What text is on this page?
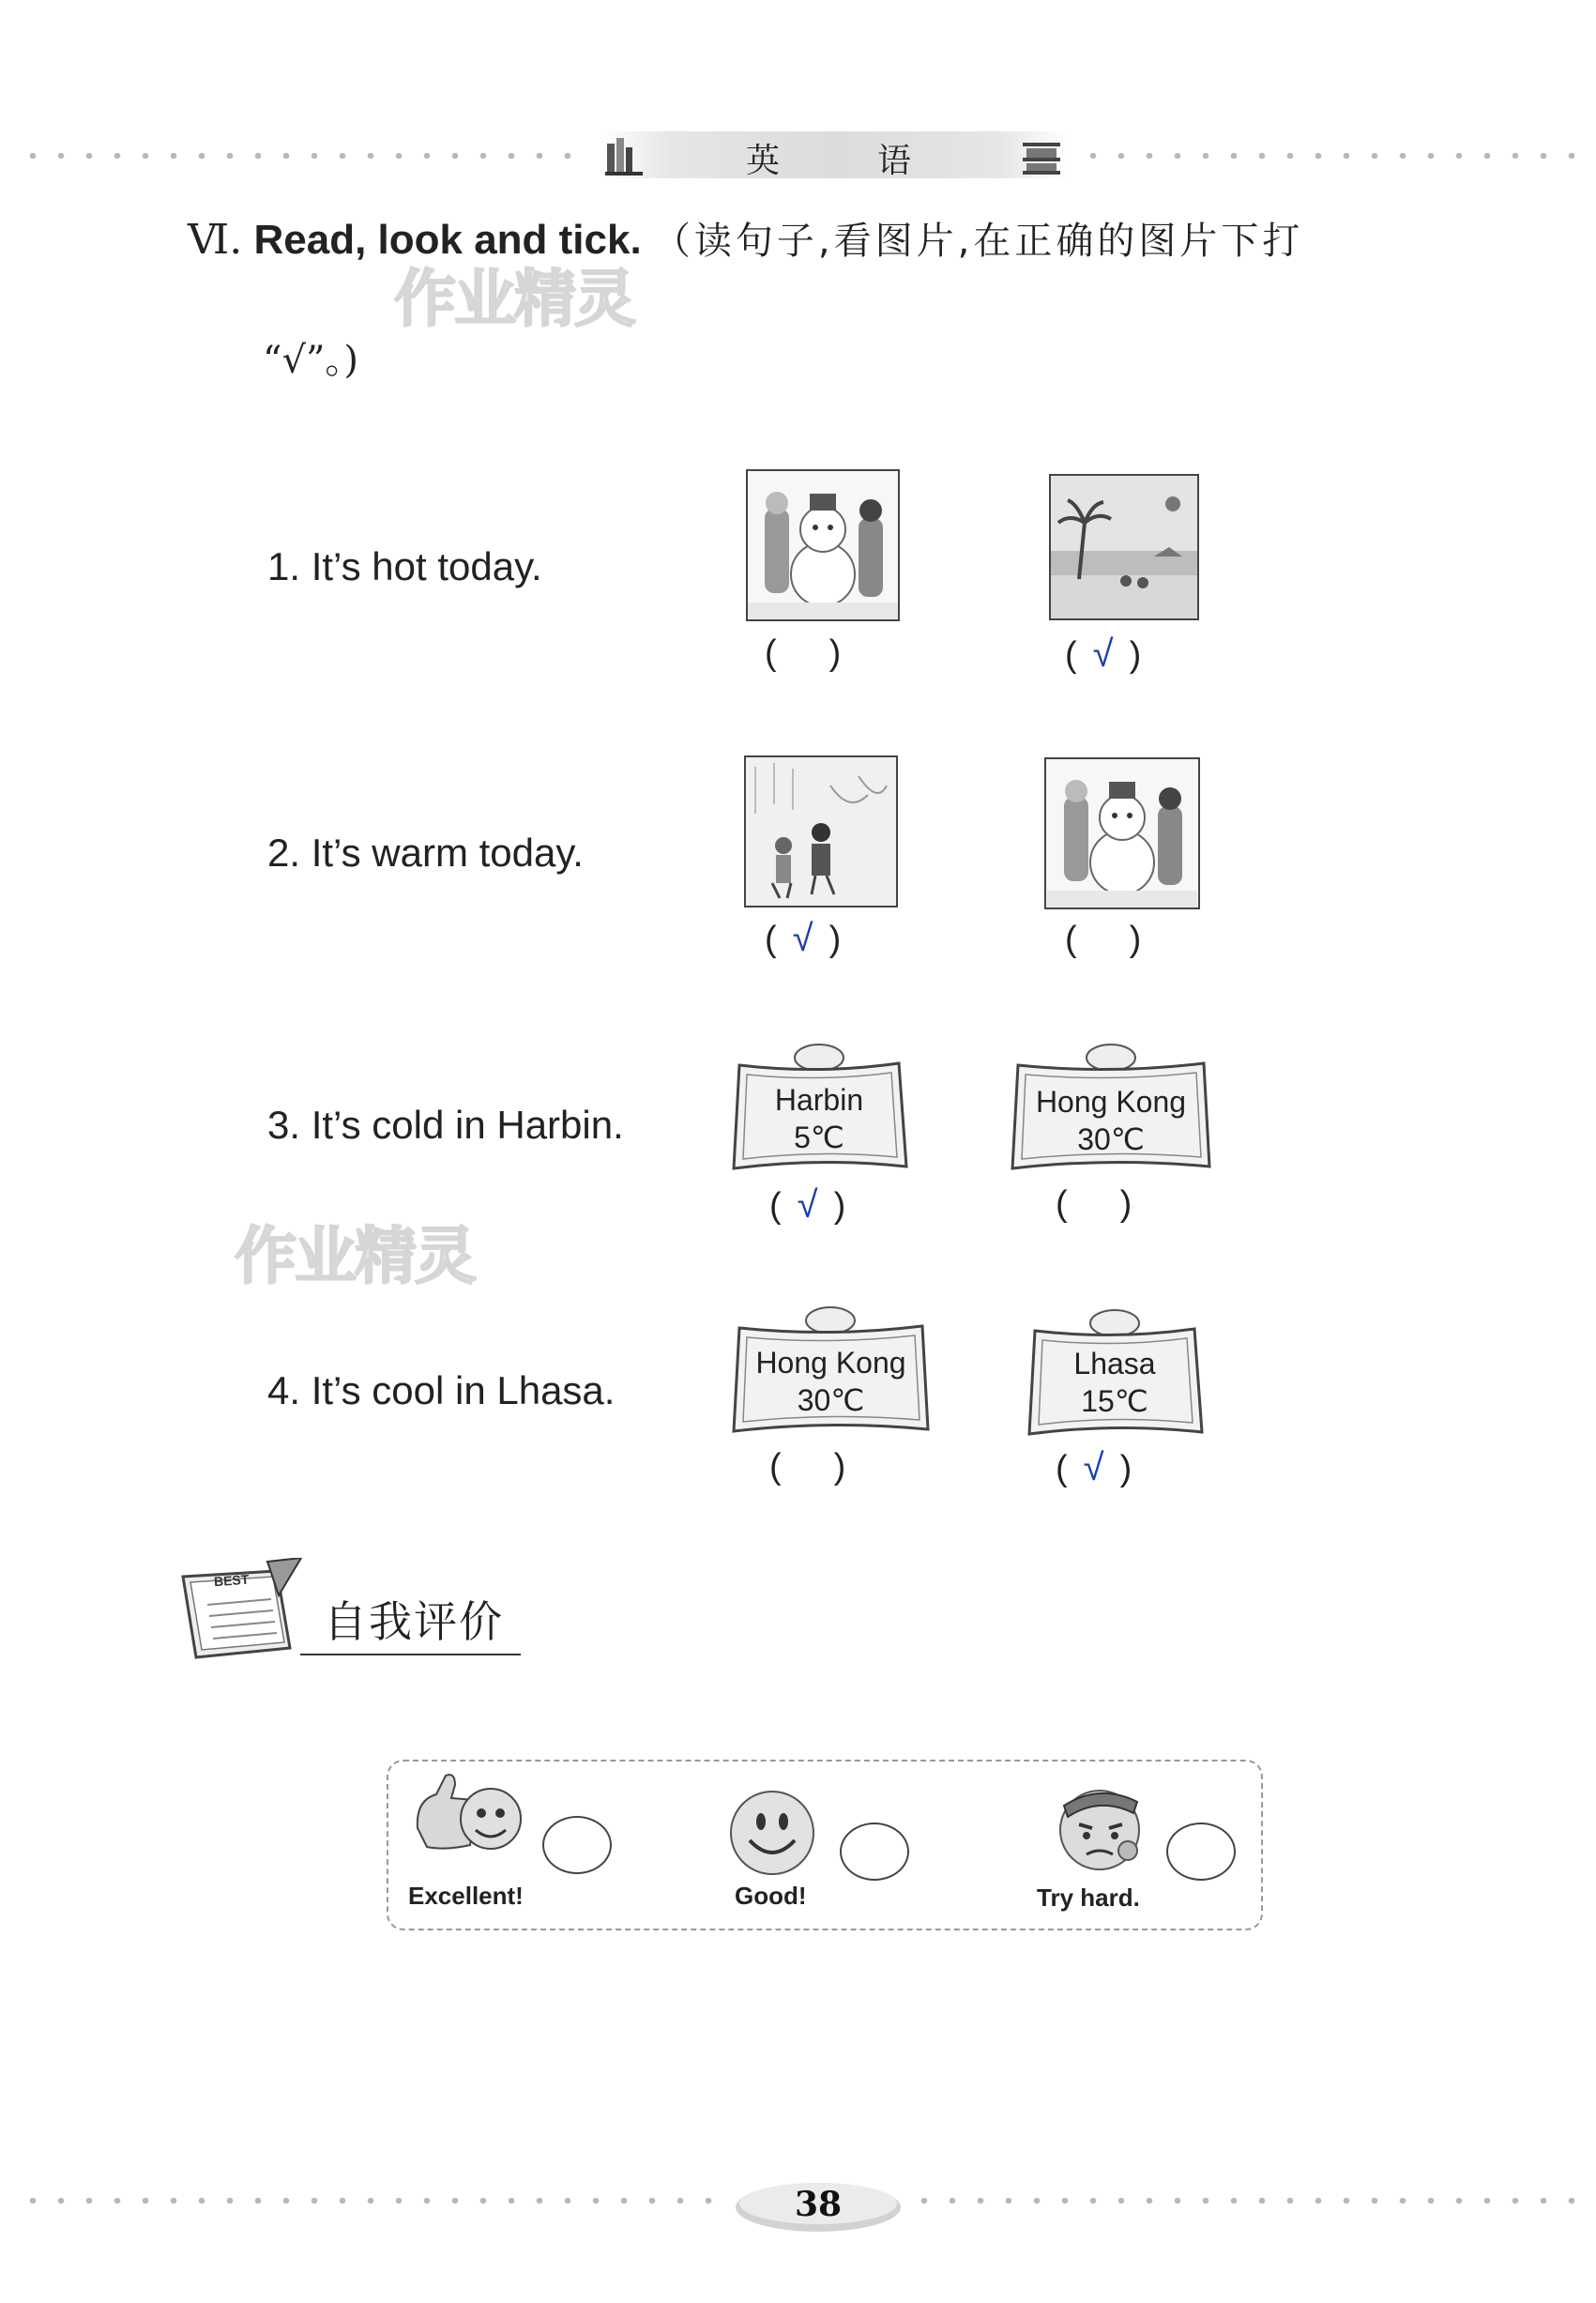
英	语
Ⅵ. Read, look and tick. （读句子,看图片,在正确的图片下打
“√”。)
作业精灵
作业精灵
1. It’s hot today.
( )	( √ )
2. It’s warm today.
( √ )	( )
3. It’s cold in Harbin.
Harbin
5℃
Hong Kong
30℃
( √ )	( )
4. It’s cool in Lhasa.
Hong Kong
30℃
Lhasa
15℃
( )	( √ )
BEST
自我评价
Excellent!	Good!	Try hard.
38
